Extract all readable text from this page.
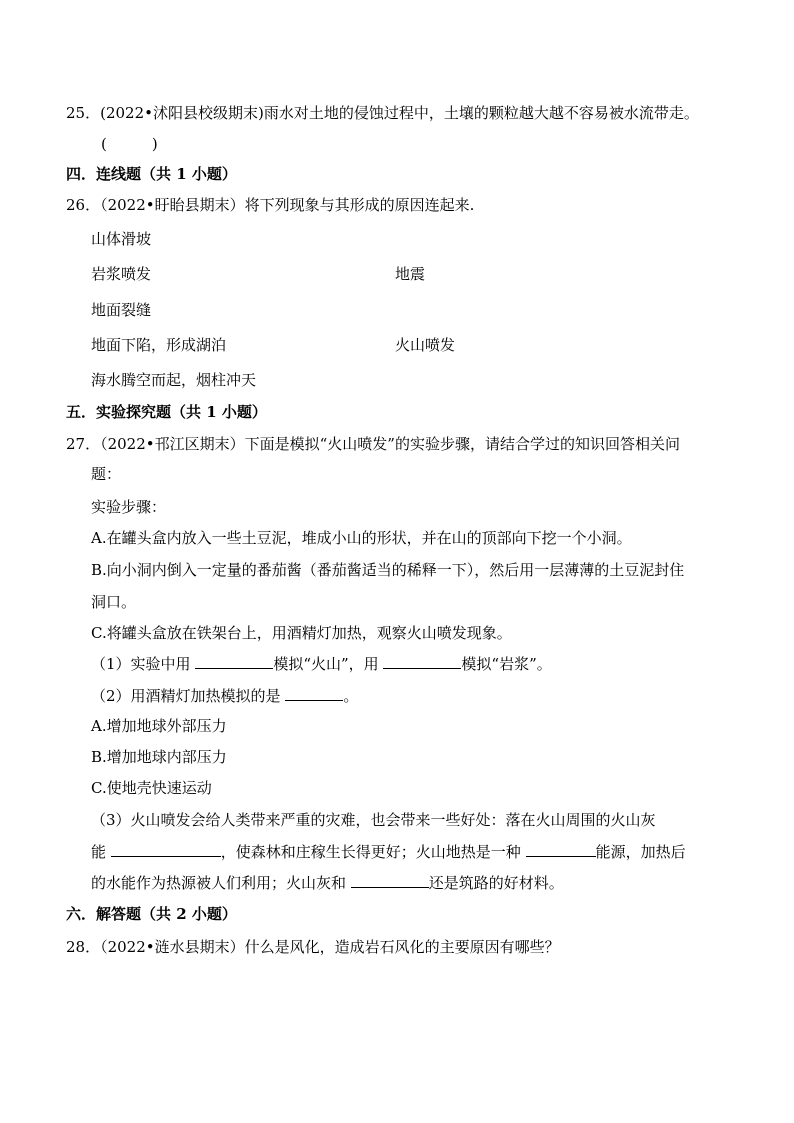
25．(2022•沭阳县校级期末)雨水对土地的侵蚀过程中，土壤的颗粒越大越不容易被水流带走。
(　　　)
四．连线题（共 1 小题）
26．（2022•盱眙县期末）将下列现象与其形成的原因连起来.
山体滑坡
岩浆喷发	地震
地面裂缝
地面下陷，形成湖泊	火山喷发
海水腾空而起，烟柱冲天
五．实验探究题（共 1 小题）
27．（2022•邗江区期末）下面是模拟“火山喷发”的实验步骤，请结合学过的知识回答相关问
题：
实验步骤：
A.在罐头盒内放入一些土豆泥，堆成小山的形状，并在山的顶部向下挖一个小洞。
B.向小洞内倒入一定量的番茄酱（番茄酱适当的稀释一下），然后用一层薄薄的土豆泥封住
洞口。
C.将罐头盒放在铁架台上，用酒精灯加热，观察火山喷发现象。
（1）实验中用	模拟“火山”，用	模拟“岩浆”。
（2）用酒精灯加热模拟的是	。
A.增加地球外部压力
B.增加地球内部压力
C.使地壳快速运动
（3）火山喷发会给人类带来严重的灾难，也会带来一些好处：落在火山周围的火山灰
能	，使森林和庄稼生长得更好；火山地热是一种	能源，加热后
的水能作为热源被人们利用；火山灰和	还是筑路的好材料。
六．解答题（共 2 小题）
28．（2022•涟水县期末）什么是风化，造成岩石风化的主要原因有哪些？
